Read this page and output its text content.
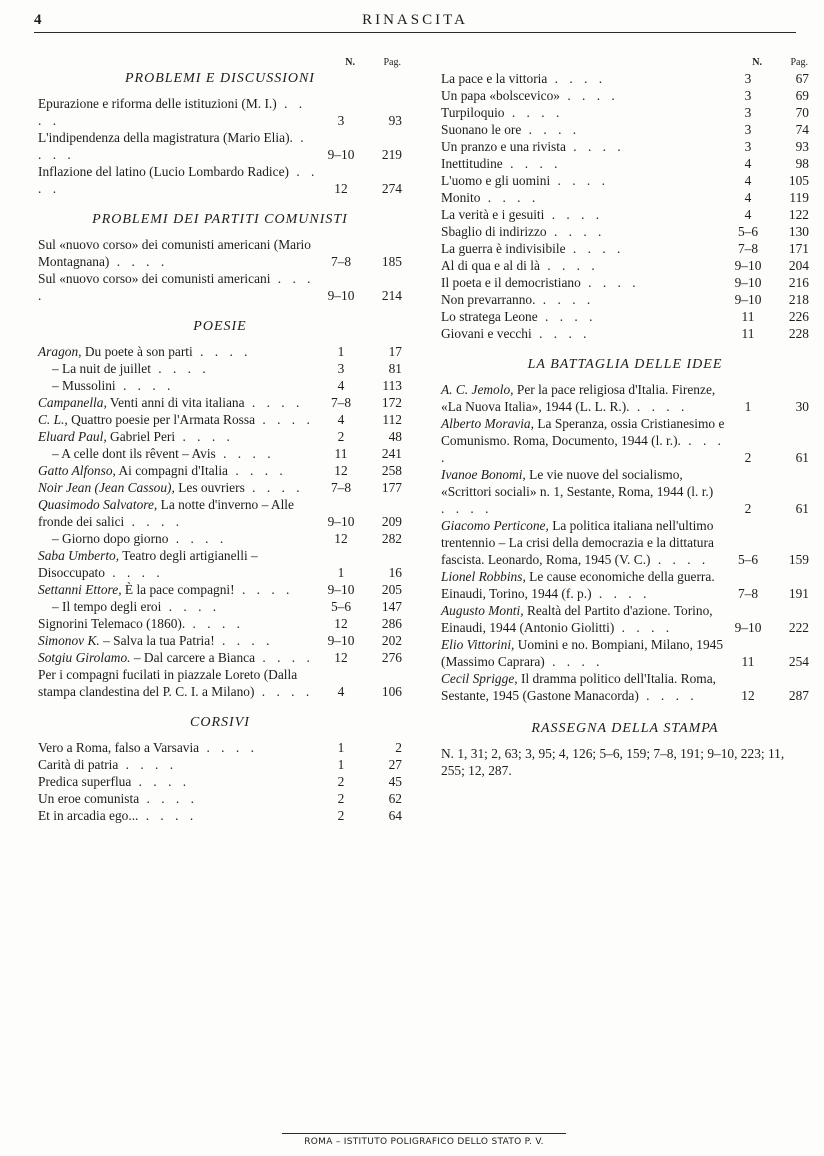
4	RINASCITA
N.	Pag.
PROBLEMI E DISCUSSIONI
Epurazione e riforma delle istituzioni (M. I.) . . . .	3	93
L'indipendenza della magistratura (Mario Elia). . . . .	9–10	219
Inflazione del latino (Lucio Lombardo Radice) . . . .	12	274
PROBLEMI DEI PARTITI COMUNISTI
Sul «nuovo corso» dei comunisti americani (Mario Montagnana) . . . .	7–8	185
Sul «nuovo corso» dei comunisti americani . . . .	9–10	214
POESIE
Aragon, Du poete à son parti . . . .	1	17
– La nuit de juillet . . . .	3	81
– Mussolini . . . .	4	113
Campanella, Venti anni di vita italiana . . . .	7–8	172
C. L., Quattro poesie per l'Armata Rossa . . . .	4	112
Eluard Paul, Gabriel Peri . . . .	2	48
– A celle dont ils rêvent – Avis . . . .	11	241
Gatto Alfonso, Ai compagni d'Italia . . . .	12	258
Noir Jean (Jean Cassou), Les ouvriers . . . .	7–8	177
Quasimodo Salvatore, La notte d'inverno – Alle fronde dei salici . . . .	9–10	209
– Giorno dopo giorno . . . .	12	282
Saba Umberto, Teatro degli artigianelli – Disoccupato . . . .	1	16
Settanni Ettore, È la pace compagni! . . . .	9–10	205
– Il tempo degli eroi . . . .	5–6	147
Signorini Telemaco (1860). . . . .	12	286
Simonov K. – Salva la tua Patria! . . . .	9–10	202
Sotgiu Girolamo. – Dal carcere a Bianca . . . .	12	276
Per i compagni fucilati in piazzale Loreto (Dalla stampa clandestina del P. C. I. a Milano) . . . .	4	106
CORSIVI
Vero a Roma, falso a Varsavia . . . .	1	2
Carità di patria . . . .	1	27
Predica superflua . . . .	2	45
Un eroe comunista . . . .	2	62
Et in arcadia ego... . . . .	2	64
N.	Pag.
La pace e la vittoria . . . .	3	67
Un papa «bolscevico» . . . .	3	69
Turpiloquio . . . .	3	70
Suonano le ore . . . .	3	74
Un pranzo e una rivista . . . .	3	93
Inettitudine . . . .	4	98
L'uomo e gli uomini . . . .	4	105
Monito . . . .	4	119
La verità e i gesuiti . . . .	4	122
Sbaglio di indirizzo . . . .	5–6	130
La guerra è indivisibile . . . .	7–8	171
Al di qua e al di là . . . .	9–10	204
Il poeta e il democristiano . . . .	9–10	216
Non prevarranno. . . . .	9–10	218
Lo stratega Leone . . . .	11	226
Giovani e vecchi . . . .	11	228
LA BATTAGLIA DELLE IDEE
A. C. Jemolo, Per la pace religiosa d'Italia. Firenze, «La Nuova Italia», 1944 (L. L. R.). . . . .	1	30
Alberto Moravia, La Speranza, ossia Cristianesimo e Comunismo. Roma, Documento, 1944 (l. r.). . . . .	2	61
Ivanoe Bonomi, Le vie nuove del socialismo, «Scrittori sociali» n. 1, Sestante, Roma, 1944 (l. r.) . . . .	2	61
Giacomo Perticone, La politica italiana nell'ultimo trentennio – La crisi della democrazia e la dittatura fascista. Leonardo, Roma, 1945 (V. C.) . . . .	5–6	159
Lionel Robbins, Le cause economiche della guerra. Einaudi, Torino, 1944 (f. p.) . . . .	7–8	191
Augusto Monti, Realtà del Partito d'azione. Torino, Einaudi, 1944 (Antonio Giolitti) . . . .	9–10	222
Elio Vittorini, Uomini e no. Bompiani, Milano, 1945 (Massimo Caprara) . . . .	11	254
Cecil Sprigge, Il dramma politico dell'Italia. Roma, Sestante, 1945 (Gastone Manacorda) . . . .	12	287
RASSEGNA DELLA STAMPA
N. 1, 31; 2, 63; 3, 95; 4, 126; 5–6, 159; 7–8, 191; 9–10, 223; 11, 255; 12, 287.
ROMA – ISTITUTO POLIGRAFICO DELLO STATO P. V.
